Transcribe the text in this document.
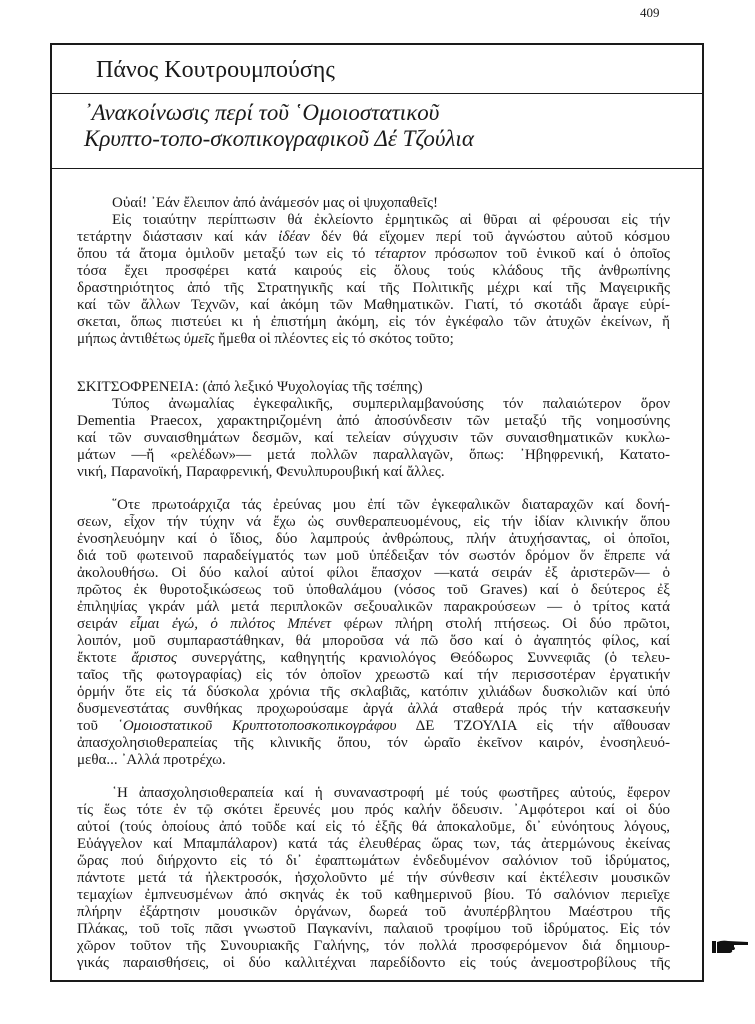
409
Πάνος Κουτρουμπούσης
᾿Ανακοίνωσις περί τοῦ ῾Ομοιοστατικοῦ
Κρυπτο-τοπο-σκοπικογραφικοῦ Δέ Τζούλια
Οὐαί! ᾿Εάν ἔλειπον ἀπό ἀνάμεσόν μας οἱ ψυχοπαθεῖς!
Εἰς τοιαύτην περίπτωσιν θά ἐκλείοντο ἑρμητικῶς αἱ θῦραι αἱ φέρουσαι εἰς τήν
τετάρτην διάστασιν καί κάν ἰδέαν δέν θά εἴχομεν περί τοῦ ἀγνώστου αὐτοῦ κόσμου
ὅπου τά ἄτομα ὁμιλοῦν μεταξύ των εἰς τό τέταρτον πρόσωπον τοῦ ἑνικοῦ καί ὁ ὁποῖος
τόσα ἔχει προσφέρει κατά καιρούς εἰς ὅλους τούς κλάδους τῆς ἀνθρωπίνης
δραστηριότητος ἀπό τῆς Στρατηγικῆς καί τῆς Πολιτικῆς μέχρι καί τῆς Μαγειρικῆς
καί τῶν ἄλλων Τεχνῶν, καί ἀκόμη τῶν Μαθηματικῶν. Γιατί, τό σκοτάδι ἄραγε εὑρί-
σκεται, ὅπως πιστεύει κι ἡ ἐπιστήμη ἀκόμη, εἰς τόν ἐγκέφαλο τῶν ἀτυχῶν ἐκείνων, ἤ
μήπως ἀντιθέτως ὑμεῖς ἤμεθα οἱ πλέοντες εἰς τό σκότος τοῦτο;
ΣΚΙΤΣΟΦΡΕΝΕΙΑ: (ἀπό λεξικό Ψυχολογίας τῆς τσέπης)
Τύπος ἀνωμαλίας ἐγκεφαλικῆς, συμπεριλαμβανούσης τόν παλαιώτερον ὅρον
Dementia Praecox, χαρακτηριζομένη ἀπό ἀποσύνδεσιν τῶν μεταξύ τῆς νοημοσύνης
καί τῶν συναισθημάτων δεσμῶν, καί τελείαν σύγχυσιν τῶν συναισθηματικῶν κυκλω-
μάτων —ἤ «ρελέδων»— μετά πολλῶν παραλλαγῶν, ὅπως: ᾿Ηβηφρενική, Κατατο-
νική, Παρανοϊκή, Παραφρενική, Φενυλπυρουβική καί ἄλλες.
῞Οτε πρωτοάρχιζα τάς ἐρεύνας μου ἐπί τῶν ἐγκεφαλικῶν διαταραχῶν καί δονή-
σεων, εἶχον τήν τύχην νά ἔχω ὡς συνθεραπευομένους, εἰς τήν ἰδίαν κλινικήν ὅπου
ἐνοσηλευόμην καί ὁ ἴδιος, δύο λαμπρούς ἀνθρώπους, πλήν ἀτυχήσαντας, οἱ ὁποῖοι,
διά τοῦ φωτεινοῦ παραδείγματός των μοῦ ὑπέδειξαν τόν σωστόν δρόμον ὅν ἔπρεπε νά
ἀκολουθήσω. Οἱ δύο καλοί αὐτοί φίλοι ἔπασχον —κατά σειράν ἐξ ἀριστερῶν— ὁ
πρῶτος ἐκ θυροτοξικώσεως τοῦ ὑποθαλάμου (νόσος τοῦ Graves) καί ὁ δεύτερος ἐξ
ἐπιληψίας γκράν μάλ μετά περιπλοκῶν σεξουαλικῶν παρακρούσεων — ὁ τρίτος κατά
σειράν εἶμαι ἐγώ, ὁ πιλότος Μπένετ φέρων πλήρη στολή πτήσεως. Οἱ δύο πρῶτοι,
λοιπόν, μοῦ συμπαραστάθηκαν, θά μποροῦσα νά πῶ ὅσο καί ὁ ἀγαπητός φίλος, καί
ἔκτοτε ἄριστος συνεργάτης, καθηγητής κρανιολόγος Θεόδωρος Συννεφιᾶς (ὁ τελευ-
ταῖος τῆς φωτογραφίας) εἰς τόν ὁποῖον χρεωστῶ καί τήν περισσοτέραν ἐργατικήν
ὁρμήν ὅτε εἰς τά δύσκολα χρόνια τῆς σκλαβιᾶς, κατόπιν χιλιάδων δυσκολιῶν καί ὑπό
δυσμενεστάτας συνθήκας προχωρούσαμε ἀργά ἀλλά σταθερά πρός τήν κατασκευήν
τοῦ ῾Ομοιοστατικοῦ Κρυπτοτοποσκοπικογράφου ΔΕ ΤΖΟΥΛΙΑ εἰς τήν αἴθουσαν
ἀπασχολησιοθεραπείας τῆς κλινικῆς ὅπου, τόν ὡραῖο ἐκεῖνον καιρόν, ἐνοσηλευό-
μεθα... ᾿Αλλά προτρέχω.
῾Η ἀπασχολησιοθεραπεία καί ἡ συναναστροφή μέ τούς φωστῆρες αὐτούς, ἔφερον
τίς ἕως τότε ἐν τῷ σκότει ἔρευνές μου πρός καλήν ὅδευσιν. ᾿Αμφότεροι καί οἱ δύο
αὐτοί (τούς ὁποίους ἀπό τοῦδε καί εἰς τό ἑξῆς θά ἀποκαλοῦμε, δι᾿ εὐνόητους λόγους,
Εὐάγγελον καί Μπαμπάλαρον) κατά τάς ἐλευθέρας ὥρας των, τάς ἀτερμώνους ἐκείνας
ὥρας πού διήρχοντο εἰς τό δι᾿ ἐφαπτωμάτων ἐνδεδυμένον σαλόνιον τοῦ ἱδρύματος,
πάντοτε μετά τά ἠλεκτροσόκ, ἠσχολοῦντο μέ τήν σύνθεσιν καί ἐκτέλεσιν μουσικῶν
τεμαχίων ἐμπνευσμένων ἀπό σκηνάς ἐκ τοῦ καθημερινοῦ βίου. Τό σαλόνιον περιεῖχε
πλήρην ἐξάρτησιν μουσικῶν ὀργάνων, δωρεά τοῦ ἀνυπέρβλητου Μαέστρου τῆς
Πλάκας, τοῦ τοῖς πᾶσι γνωστοῦ Παγκανίνι, παλαιοῦ τροφίμου τοῦ ἱδρύματος. Εἰς τόν
χῶρον τοῦτον τῆς Συνουριακῆς Γαλήνης, τόν πολλά προσφερόμενον διά δημιουρ-
γικάς παραισθήσεις, οἱ δύο καλλιτέχναι παρεδίδοντο εἰς τούς ἀνεμοστροβίλους τῆς
